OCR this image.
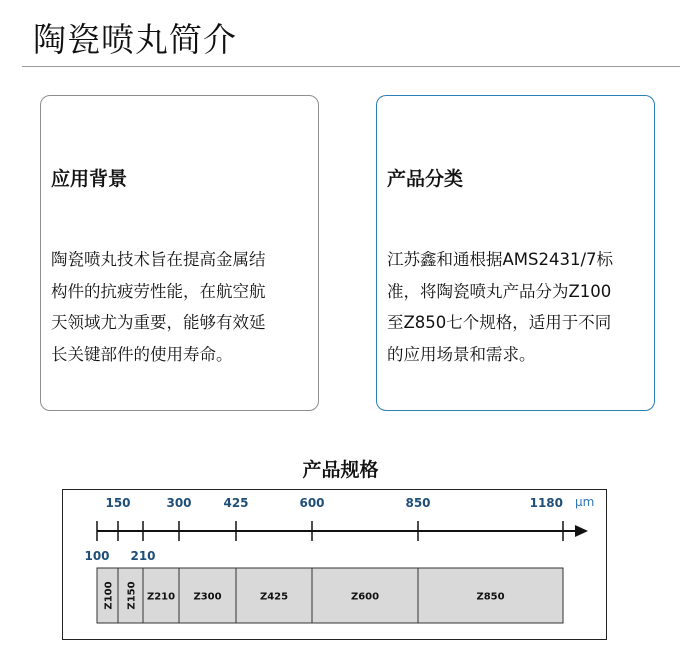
陶瓷喷丸简介
应用背景
陶瓷喷丸技术旨在提高金属结
构件的抗疲劳性能，在航空航
天领域尤为重要，能够有效延
长关键部件的使用寿命。
产品分类
江苏鑫和通根据AMS2431/7标
准，将陶瓷喷丸产品分为Z100
至Z850七个规格，适用于不同
的应用场景和需求。
产品规格
150	300	425	600	850	1180 μm
100 210
Z100 Z150 Z210 Z300	Z425	Z600	Z850
